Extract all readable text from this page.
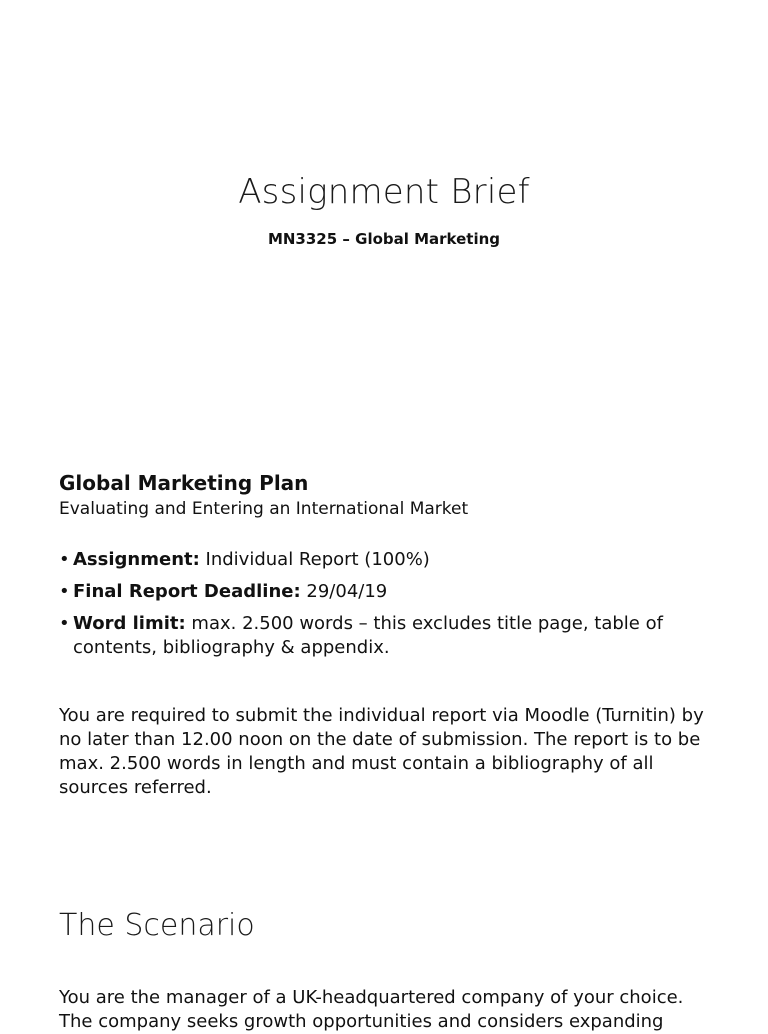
Assignment Brief

MN3325 – Global Marketing

Global Marketing Plan

Evaluating and Entering an International Market

• Assignment: Individual Report (100%)
• Final Report Deadline: 29/04/19
• Word limit: max. 2.500 words – this excludes title page, table of contents, bibliography & appendix.

You are required to submit the individual report via Moodle (Turnitin) by no later than 12.00 noon on the date of submission. The report is to be max. 2.500 words in length and must contain a bibliography of all sources referred.

The Scenario

You are the manager of a UK-headquartered company of your choice. The company seeks growth opportunities and considers expanding
